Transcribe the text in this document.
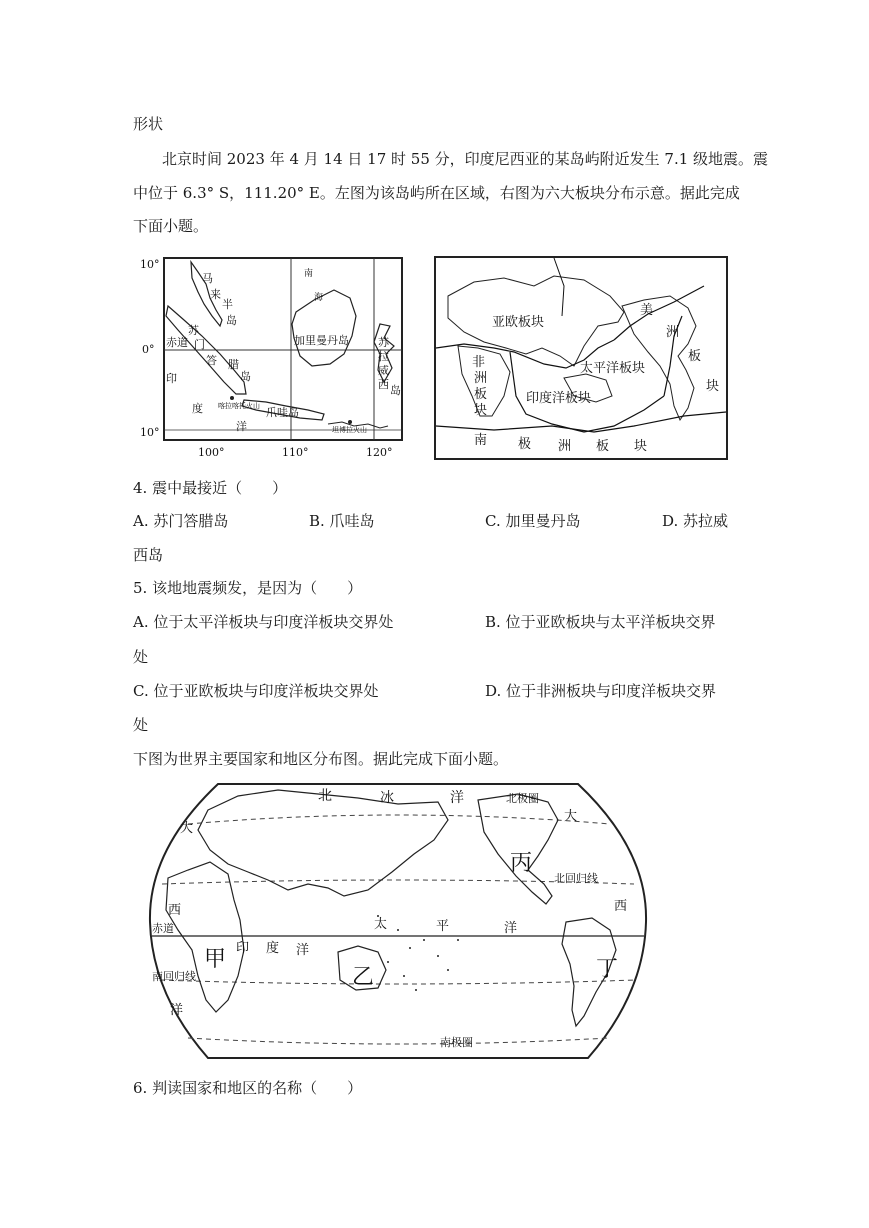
形状
北京时间 2023 年 4 月 14 日 17 时 55 分，印度尼西亚的某岛屿附近发生 7.1 级地震。震
中位于 6.3° S，111.20° E。左图为该岛屿所在区域，右图为六大板块分布示意。据此完成
下面小题。
10°
0°
10°
100°	110°	120°
马
来
半
岛
苏
门
答 腊
岛
赤道
印
度
洋
加里曼丹岛	苏
拉
威
西 岛
爪哇岛
喀拉喀托火山
坦博拉火山
南
海
亚欧板块
非
洲
板
块
太平洋板块
印度洋板块
美
洲
板
块
南 极 洲 板 块
4. 震中最接近（　　）
A. 苏门答腊岛	B. 爪哇岛	C. 加里曼丹岛	D. 苏拉威
西岛
5. 该地地震频发，是因为（　　）
A. 位于太平洋板块与印度洋板块交界处	B. 位于亚欧板块与太平洋板块交界
处
C. 位于亚欧板块与印度洋板块交界处	D. 位于非洲板块与印度洋板块交界
处
下图为世界主要国家和地区分布图。据此完成下面小题。
北	冰	洋	北极圈
北回归线
赤道
南回归线
南极圈
大
西
洋
大
西
太	平	洋
印 度 洋
甲
乙
丙
丁
6. 判读国家和地区的名称（　　）
